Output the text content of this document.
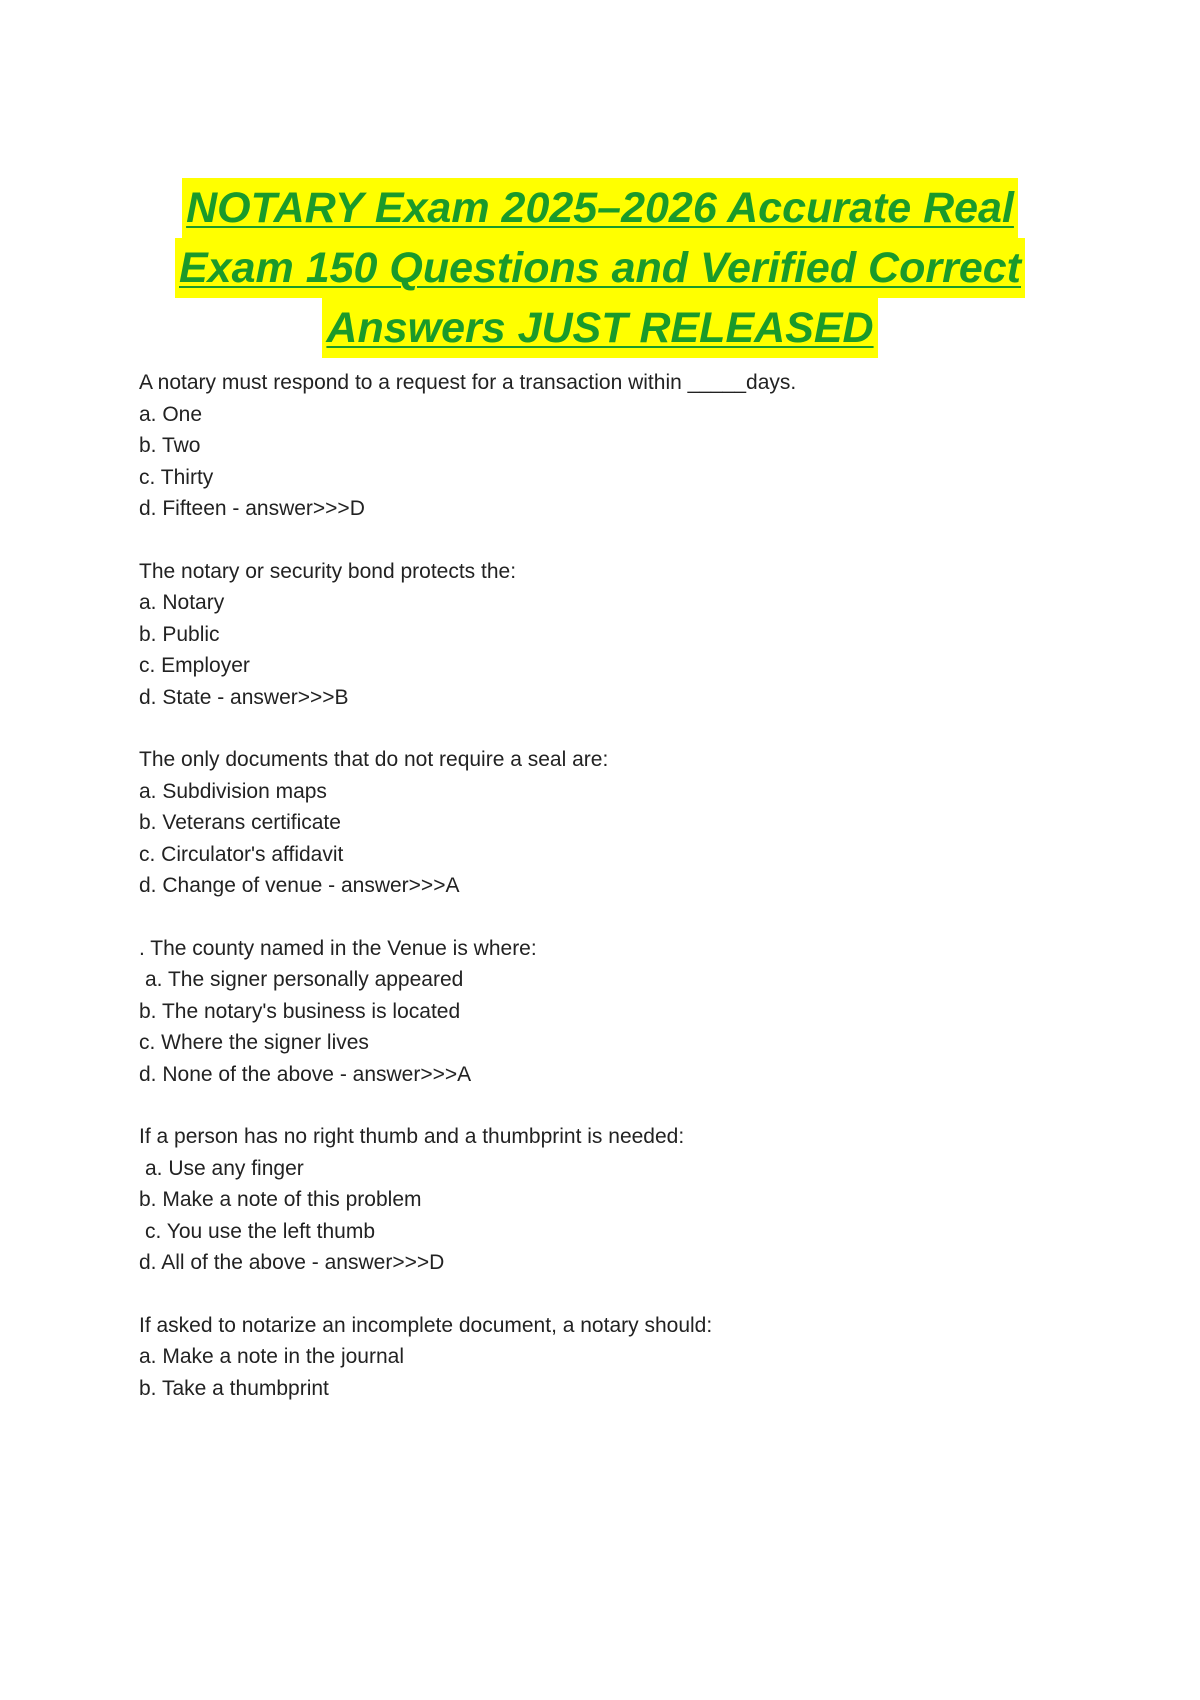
NOTARY Exam 2025–2026 Accurate Real
Exam 150 Questions and Verified Correct
Answers JUST RELEASED
A notary must respond to a request for a transaction within _____days.
a. One
b. Two
c. Thirty
d. Fifteen - answer>>>D
The notary or security bond protects the:
a. Notary
b. Public
c. Employer
d. State - answer>>>B
The only documents that do not require a seal are:
a. Subdivision maps
b. Veterans certificate
c. Circulator's affidavit
d. Change of venue - answer>>>A
. The county named in the Venue is where:
a. The signer personally appeared
b. The notary's business is located
c. Where the signer lives
d. None of the above - answer>>>A
If a person has no right thumb and a thumbprint is needed:
a. Use any finger
b. Make a note of this problem
c. You use the left thumb
d. All of the above - answer>>>D
If asked to notarize an incomplete document, a notary should:
a. Make a note in the journal
b. Take a thumbprint
